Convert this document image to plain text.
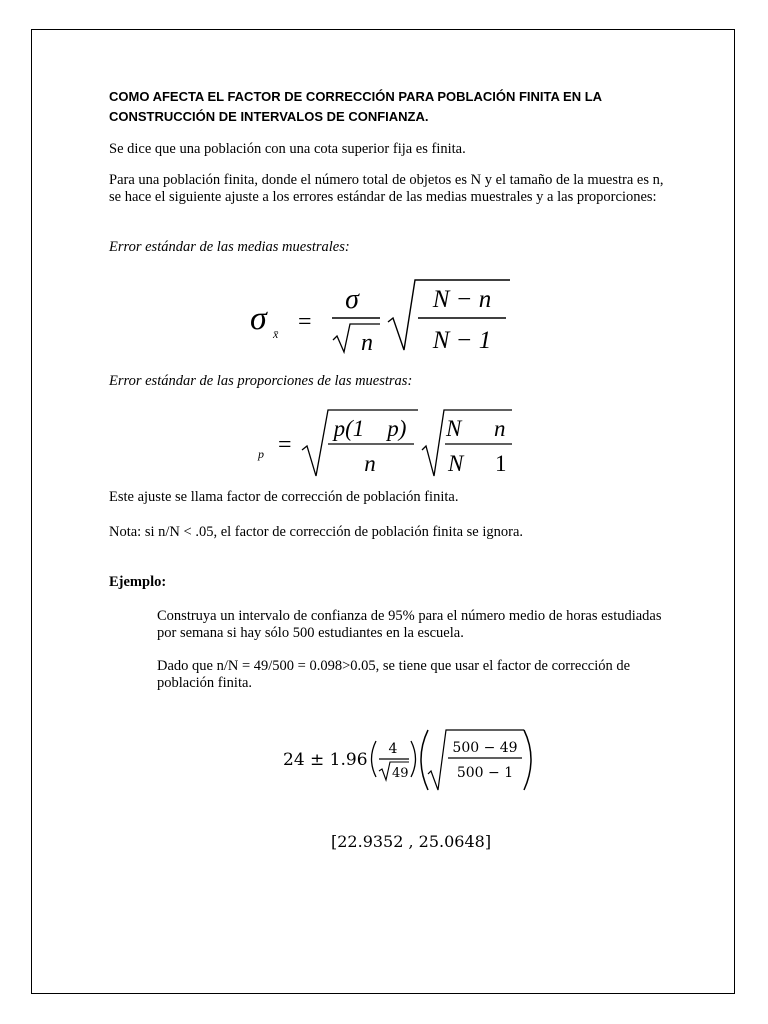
COMO AFECTA EL FACTOR DE CORRECCIÓN PARA POBLACIÓN FINITA EN LA CONSTRUCCIÓN DE INTERVALOS DE CONFIANZA.
Se dice que una población con una cota superior fija es finita.
Para una población finita, donde el número total de objetos es N y el tamaño de la muestra es n, se hace el siguiente ajuste a los errores estándar de las medias muestrales y a las proporciones:
Error estándar de las medias muestrales:
σ x̄ =
σ
n
N − n
N − 1
Error estándar de las proporciones de las muestras:
p =
p(1    p)
n
N n
N 1
Este ajuste se llama factor de corrección de población finita.
Nota: si n/N < .05, el factor de corrección de población finita se ignora.
Ejemplo:
Construya un intervalo de confianza de 95% para el número medio de horas estudiadas por semana si hay sólo 500 estudiantes en la escuela.
Dado que n/N = 49/500 = 0.098>0.05, se tiene que usar el factor de corrección de población finita.
24 ± 1.96
4
49
500 − 49
500 − 1
[22.9352 , 25.0648]
